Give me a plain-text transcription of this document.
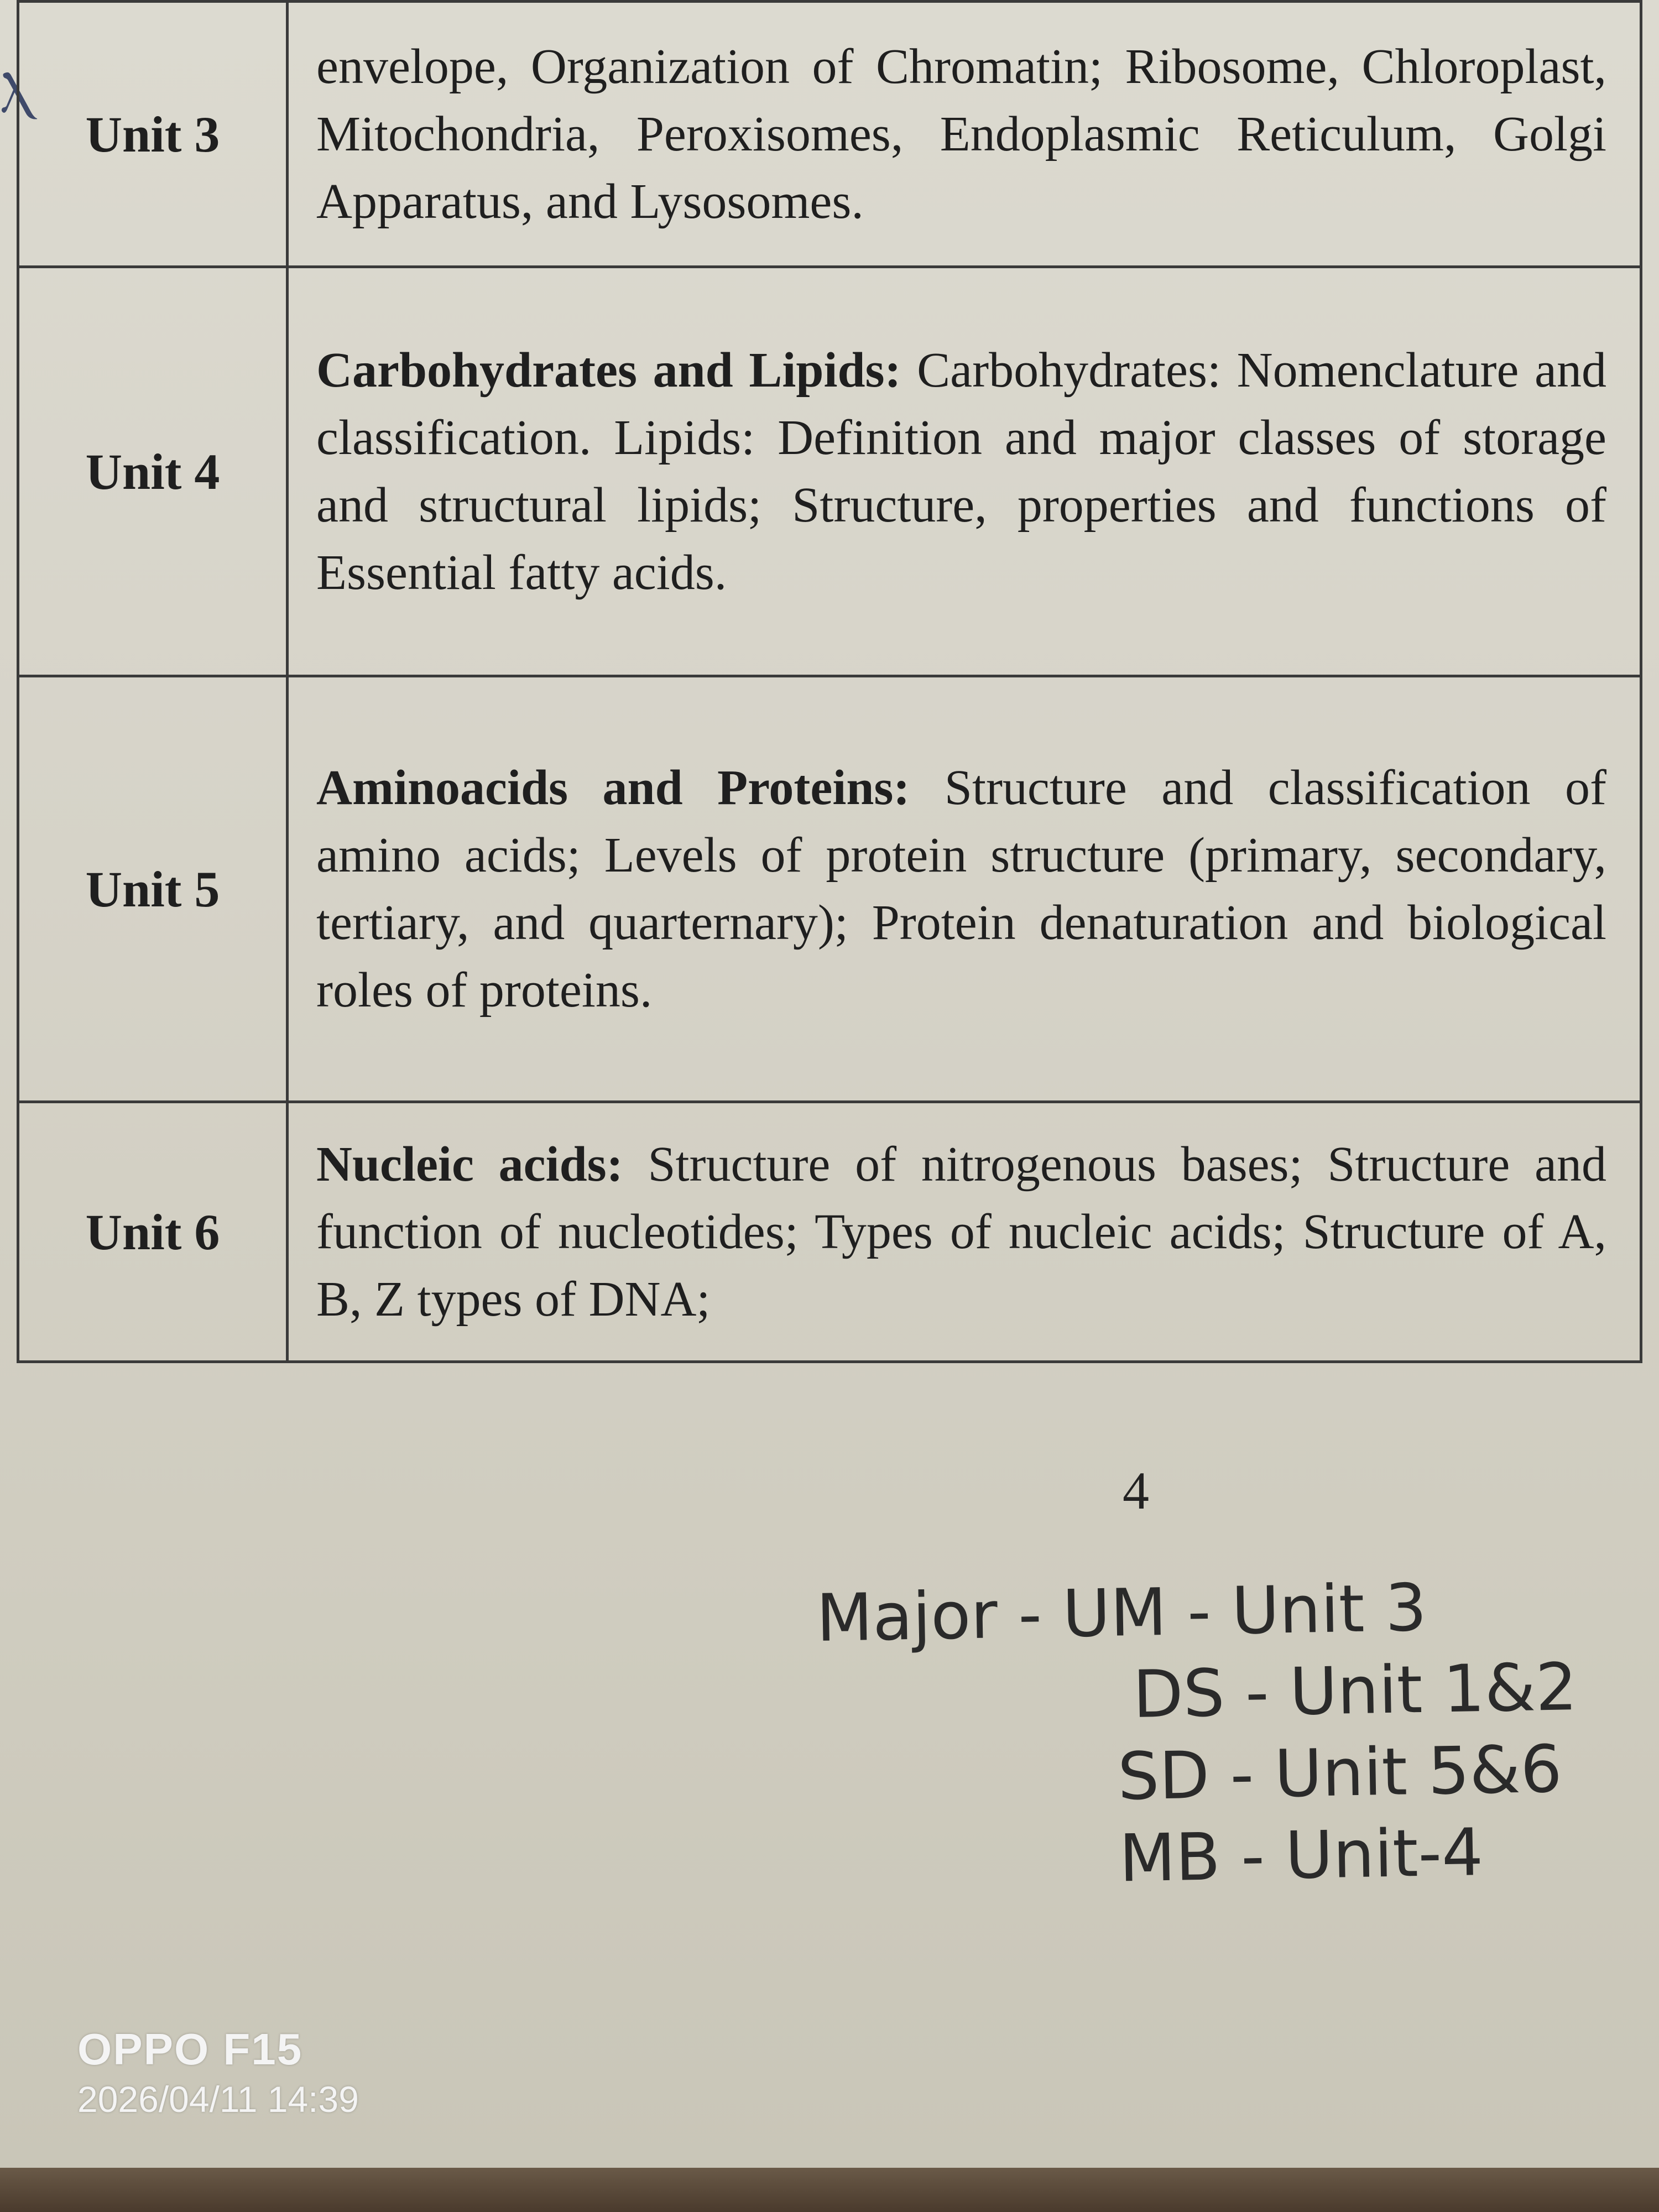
Ⲗ
Unit 3	envelope, Organization of Chromatin; Ribosome, Chloroplast, Mitochondria, Peroxisomes, Endoplasmic Reticulum, Golgi Apparatus, and Lysosomes.
Unit 4	Carbohydrates and Lipids: Carbohydrates: Nomenclature and classification. Lipids: Definition and major classes of storage and structural lipids; Structure, properties and functions of Essential fatty acids.
Unit 5	Aminoacids and Proteins: Structure and classification of amino acids; Levels of protein structure (primary, secondary, tertiary, and quarternary); Protein denaturation and biological roles of proteins.
Unit 6	Nucleic acids: Structure of nitrogenous bases; Structure and function of nucleotides; Types of nucleic acids; Structure of A, B, Z types of DNA;
4
Major - UM - Unit 3
DS - Unit 1&2
SD - Unit 5&6
MB - Unit-4
OPPO F15
2026/04/11 14:39
